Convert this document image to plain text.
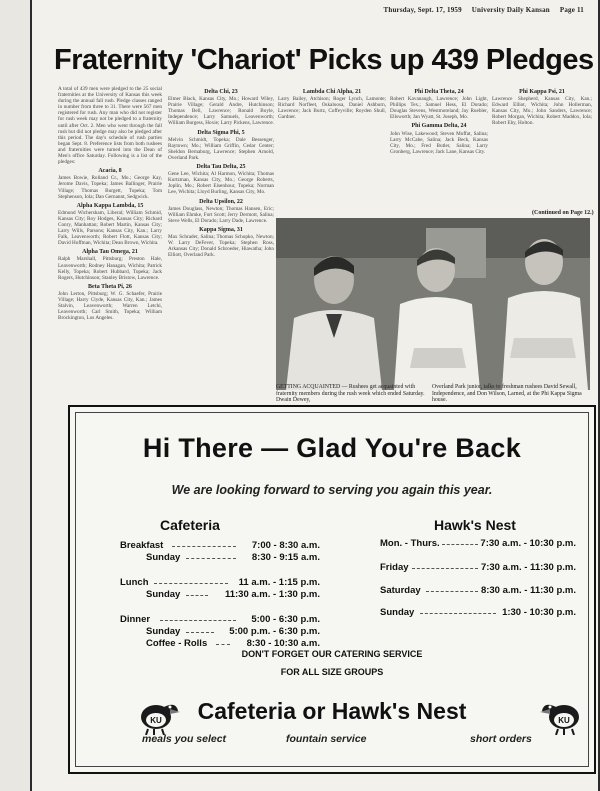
Thursday, Sept. 17, 1959 University Daily Kansan Page 11
Fraternity 'Chariot' Picks up 439 Pledges

A total of 439 men were pledged to the 25 social fraternities at the University of Kansas this week during the annual fall rush. Pledge classes ranged in number from three to 31. There were 567 men registered for rush. Any man who did not register for rush week may not be pledged to a fraternity until after Oct. 2. Men who went through the fall rush but did not pledge may also be pledged after this period. The day's schedule of rush parties began Sept. 8. Preference lists from both rushees and fraternities were turned into the Dean of Men's office Saturday. Following is a list of the pledges:

Acacia, 8

James Bowie, Rolland Cr., Mo.; George Kay, Jerome Davis, Topeka; James Ballinger, Prairie Village; Thomas Burgett, Topeka; Tom Stephenson, Iola; Dan Gernannt, Sedgwick.

Alpha Kappa Lambda, 15

Edmond Wichersham, Liberal; William Schmid, Kansas City; Roy Hodges, Kansas City; Richard Conry, Manhattan; Robert Martin, Kansas City; Larry Wills, Parsons; Kansas City, Kan.; Larry Falk, Leavenworth; Robert Flott, Kansas City; David Hoffman, Wichita; Dean Brown, Wichita.

Alpha Tau Omega, 21

Ralph Marshall, Pittsburg; Preston Hale, Leavenworth; Rodney Hanagan, Wichita; Patrick Kelly, Topeka; Robert Hubbard, Topeka; Jack Rogers, Hutchinson; Stanley Bristow, Lawrence.

Beta Theta Pi, 26

John Lerton, Pittsburg; W. G. Schaefer, Prairie Village; Harry Clyde, Kansas City, Kan.; James Stalvin, Leavenworth; Warren Letchi, Leavenworth; Carl Smith, Topeka; William Brockington, Los Angeles.

Delta Chi, 23

Elmer Black, Kansas City, Mo.; Howard Wiley, Prairie Village; Gerald Andre, Hutchinson; Thomas Bell, Lawrence; Ronald Boyle, Independence; Larry Samuels, Leavenworth; William Burgess, Hoxie; Larry Pickens, Lawrence.

Delta Sigma Phi, 5

Melvin Schmidt, Topeka; Dale Bessenger, Raytown; Mo.; William Griffin, Cedar Center; Sheldon Bernaburg, Lawrence; Stephen Arnold, Overland Park.

Delta Tau Delta, 25

Gene Lee, Wichita; Al Harmon, Wichita; Thomas Kurtzman, Kansas City, Mo.; George Roberts, Joplin, Mo.; Robert Eisenhour, Topeka; Norman Lee, Wichita; Lloyd Burling, Kansas City, Mo.

Delta Upsilon, 22

James Douglass, Newton; Thomas Hansen, Eric; William Ehmke, Fort Scott; Jerry Dermott, Salina; Steve Wells, El Dorado; Larry Dade, Lawrence.

Kappa Sigma, 31

Max Schrader, Salina; Thomas Schopko, Newton; W. Larry DeFever, Topeka; Stephen Ross, Arkansas City; Donald Schroeder, Hiawatha; John Elliott, Overland Park.

Lambda Chi Alpha, 21

Larry Bailey, Atchison; Roger Lynch, Lamonte; Richard Norfleet, Oskaloosa, Daniel Ashburn, Lawrence; Jack Burtz, Coffeyville; Royden Shull, Gardner.

Phi Delta Theta, 24

Robert Kavanaugh, Lawrence; John Light, Phillips Tex.; Samuel Hess, El Dorado; Douglas Stevens, Westmoreland; Jay Ruebler, Ellsworth; Jan Wyatt, St. Joseph, Mo.

Phi Gamma Delta, 24

John Wise, Lakewood; Steven Moffat, Salina; Larry McCabe, Salina; Jack Beck, Kansas City, Mo.; Fred Butler, Salina; Larry Gronberg, Lawrence; Jack Lane, Kansas City.

Phi Kappa Psi, 21

Lawrence Shepherd, Kansas City, Kan.; Edward Elliot, Wichita; John Hollerman, Kansas City, Mo.; John Sanders, Lawrence; Robert Morgan, Wichita; Robert Maddox, Iola; Robert Eby, Holton.

(Continued on Page 12.)
GETTING ACQUAINTED — Rushees get acquainted with fraternity members during the rush week which ended Saturday. Dwain Dewey,
Overland Park junior, talks to freshman rushees David Sewall, Independence, and Don Wilson, Larned, at the Phi Kappa Sigma house.
Hi There — Glad You're Back
We are looking forward to serving you again this year.
Cafeteria
Breakfast	7:00 - 8:30 a.m.
Sunday	8:30 - 9:15 a.m.
Lunch	11 a.m. - 1:15 p.m.
Sunday	11:30 a.m. - 1:30 p.m.
Dinner	5:00 - 6:30 p.m.
Sunday	5:00 p.m. - 6:30 p.m.
Coffee - Rolls	8:30 - 10:30 a.m.
Hawk's Nest
Mon. - Thurs.	7:30 a.m. - 10:30 p.m.
Friday	7:30 a.m. - 11:30 p.m.
Saturday	8:30 a.m. - 11:30 p.m.
Sunday	1:30 - 10:30 p.m.
DON'T FORGET OUR CATERING SERVICE
FOR ALL SIZE GROUPS
KU	Cafeteria or Hawk's Nest	KU
meals you select	fountain service	short orders
